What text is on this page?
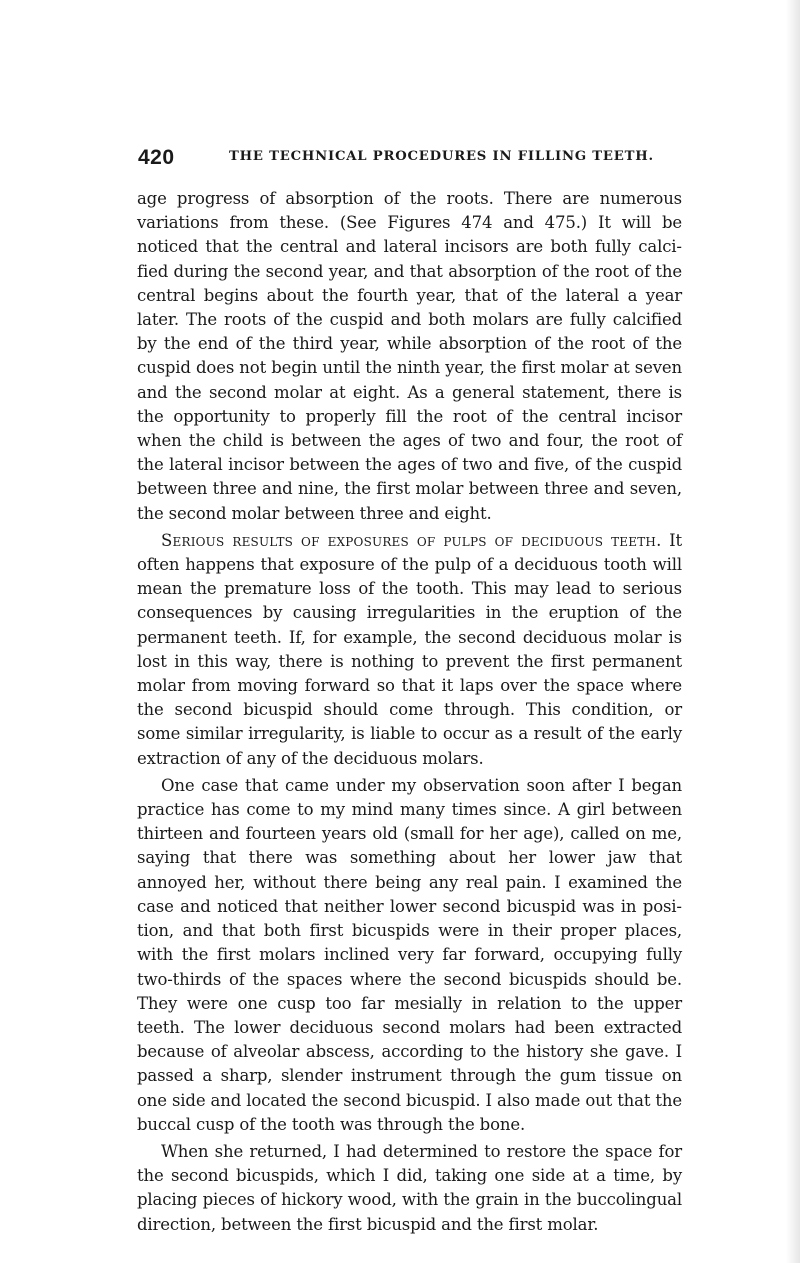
420	THE TECHNICAL PROCEDURES IN FILLING TEETH.

age progress of absorption of the roots. There are numerous variations from these. (See Figures 474 and 475.) It will be noticed that the central and lateral incisors are both fully calcified during the second year, and that absorption of the root of the central begins about the fourth year, that of the lateral a year later. The roots of the cuspid and both molars are fully calcified by the end of the third year, while absorption of the root of the cuspid does not begin until the ninth year, the first molar at seven and the second molar at eight. As a general statement, there is the opportunity to properly fill the root of the central incisor when the child is between the ages of two and four, the root of the lateral incisor between the ages of two and five, of the cuspid between three and nine, the first molar between three and seven, the second molar between three and eight.

Serious results of exposures of pulps of deciduous teeth. It often happens that exposure of the pulp of a deciduous tooth will mean the premature loss of the tooth. This may lead to serious consequences by causing irregularities in the eruption of the permanent teeth. If, for example, the second deciduous molar is lost in this way, there is nothing to prevent the first permanent molar from moving forward so that it laps over the space where the second bicuspid should come through. This condition, or some similar irregularity, is liable to occur as a result of the early extraction of any of the deciduous molars.

One case that came under my observation soon after I began practice has come to my mind many times since. A girl between thirteen and fourteen years old (small for her age), called on me, saying that there was something about her lower jaw that annoyed her, without there being any real pain. I examined the case and noticed that neither lower second bicuspid was in position, and that both first bicuspids were in their proper places, with the first molars inclined very far forward, occupying fully two-thirds of the spaces where the second bicuspids should be. They were one cusp too far mesially in relation to the upper teeth. The lower deciduous second molars had been extracted because of alveolar abscess, according to the history she gave. I passed a sharp, slender instrument through the gum tissue on one side and located the second bicuspid. I also made out that the buccal cusp of the tooth was through the bone.

When she returned, I had determined to restore the space for the second bicuspids, which I did, taking one side at a time, by placing pieces of hickory wood, with the grain in the buccolingual direction, between the first bicuspid and the first molar.
